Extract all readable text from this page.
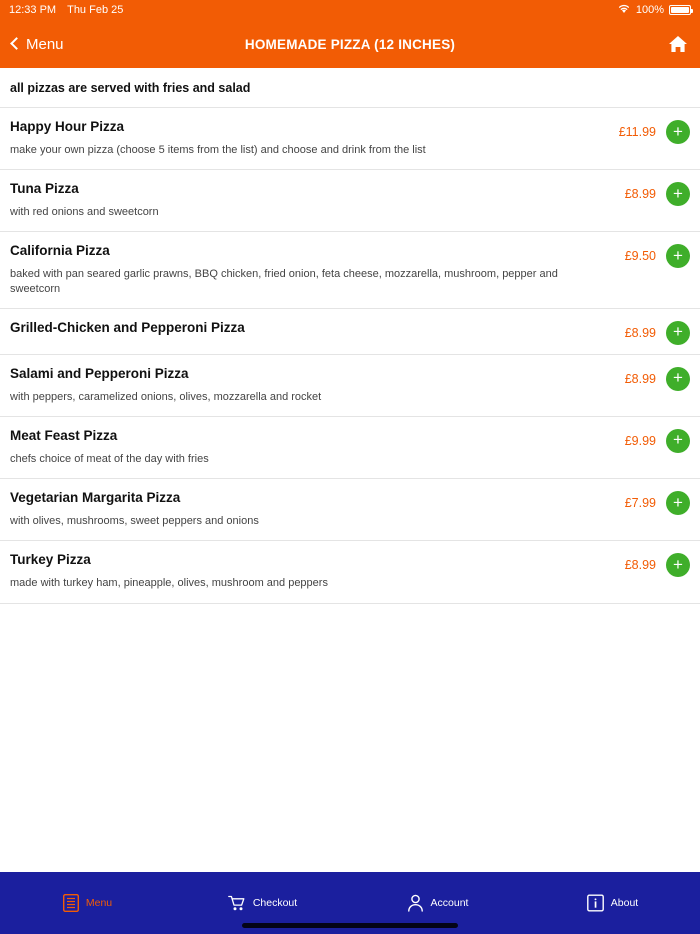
12:33 PM Thu Feb 25	100%
Menu	HOMEMADE PIZZA (12 INCHES)
all pizzas are served with fries and salad
Happy Hour Pizza
make your own pizza (choose 5 items from the list) and choose and drink from the list
£11.99	+
Tuna Pizza
with red onions and sweetcorn
£8.99	+
California Pizza
baked with pan seared garlic prawns, BBQ chicken, fried onion, feta cheese, mozzarella, mushroom, pepper and sweetcorn
£9.50	+
Grilled-Chicken and Pepperoni Pizza	£8.99	+
Salami and Pepperoni Pizza
with peppers, caramelized onions, olives, mozzarella and rocket
£8.99	+
Meat Feast Pizza
chefs choice of meat of the day with fries
£9.99	+
Vegetarian Margarita Pizza
with olives, mushrooms, sweet peppers and onions
£7.99	+
Turkey Pizza
made with turkey ham, pineapple, olives, mushroom and peppers
£8.99	+
Menu	Checkout	Account	About
